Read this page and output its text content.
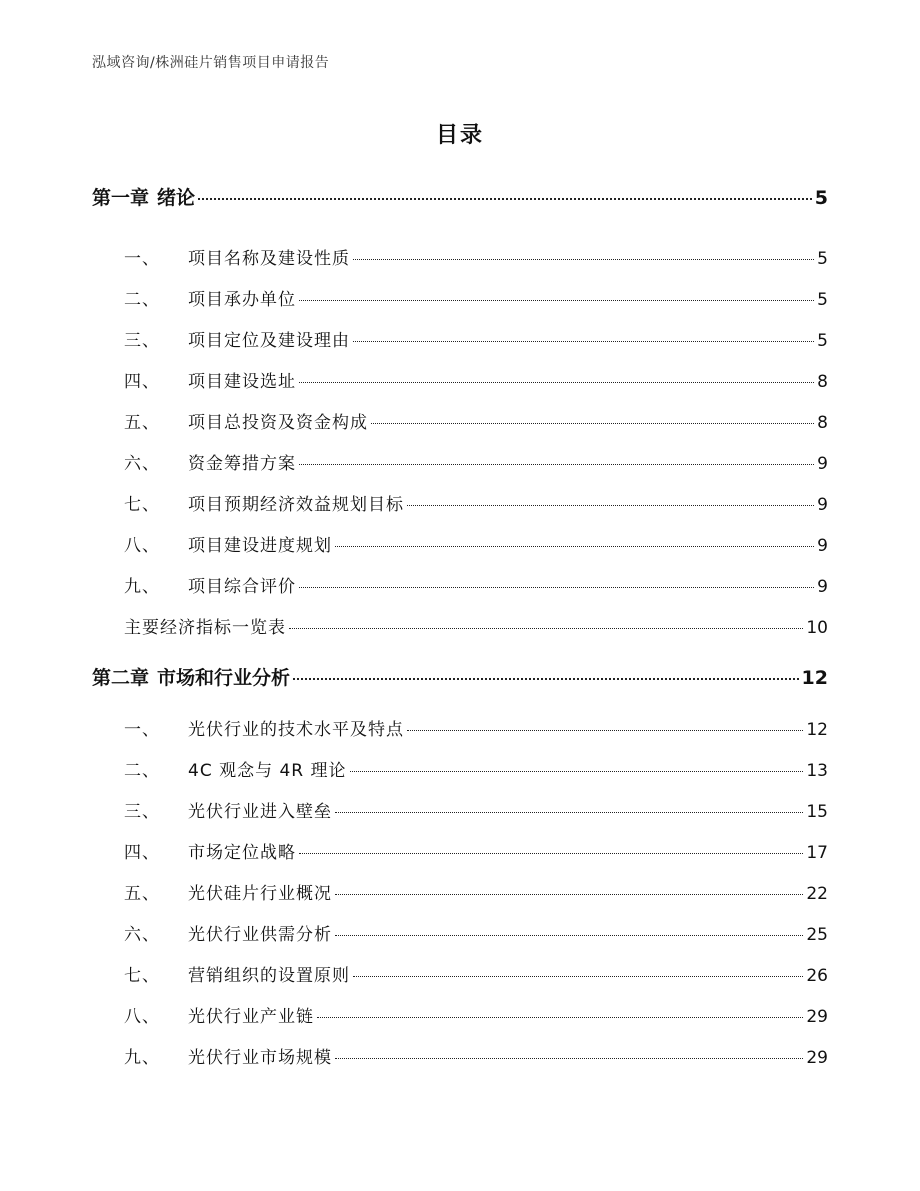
泓域咨询/株洲硅片销售项目申请报告
目录
第一章 绪论	5
一、 项目名称及建设性质	5
二、 项目承办单位	5
三、 项目定位及建设理由	5
四、 项目建设选址	8
五、 项目总投资及资金构成	8
六、 资金筹措方案	9
七、 项目预期经济效益规划目标	9
八、 项目建设进度规划	9
九、 项目综合评价	9
主要经济指标一览表	10
第二章 市场和行业分析	12
一、 光伏行业的技术水平及特点	12
二、 4C 观念与 4R 理论	13
三、 光伏行业进入壁垒	15
四、 市场定位战略	17
五、 光伏硅片行业概况	22
六、 光伏行业供需分析	25
七、 营销组织的设置原则	26
八、 光伏行业产业链	29
九、 光伏行业市场规模	29
